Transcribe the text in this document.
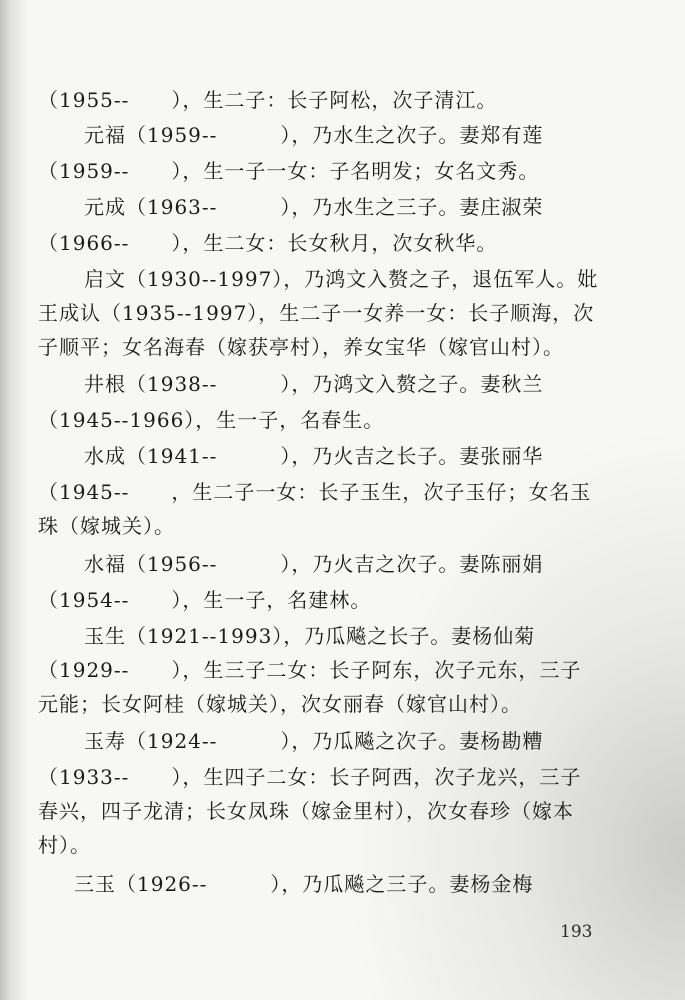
（1955--　　），生二子：长子阿松，次子清江。
元福（1959--　　　），乃水生之次子。妻郑有莲
（1959--　　），生一子一女：子名明发；女名文秀。
元成（1963--　　　），乃水生之三子。妻庄淑荣
（1966--　　），生二女：长女秋月，次女秋华。
启文（1930--1997），乃鸿文入赘之子，退伍军人。妣
王成认（1935--1997），生二子一女养一女：长子顺海，次
子顺平；女名海春（嫁获亭村），养女宝华（嫁官山村）。
井根（1938--　　　），乃鸿文入赘之子。妻秋兰
（1945--1966），生一子，名春生。
水成（1941--　　　），乃火吉之长子。妻张丽华
（1945--　　，生二子一女：长子玉生，次子玉仔；女名玉
珠（嫁城关）。
水福（1956--　　　），乃火吉之次子。妻陈丽娟
（1954--　　），生一子，名建林。
玉生（1921--1993），乃瓜飚之长子。妻杨仙菊
（1929--　　），生三子二女：长子阿东，次子元东，三子
元能；长女阿桂（嫁城关），次女丽春（嫁官山村）。
玉寿（1924--　　　），乃瓜飚之次子。妻杨勘糟
（1933--　　），生四子二女：长子阿西，次子龙兴，三子
春兴，四子龙清；长女凤珠（嫁金里村），次女春珍（嫁本
村）。
三玉（1926--　　　），乃瓜飚之三子。妻杨金梅
193
